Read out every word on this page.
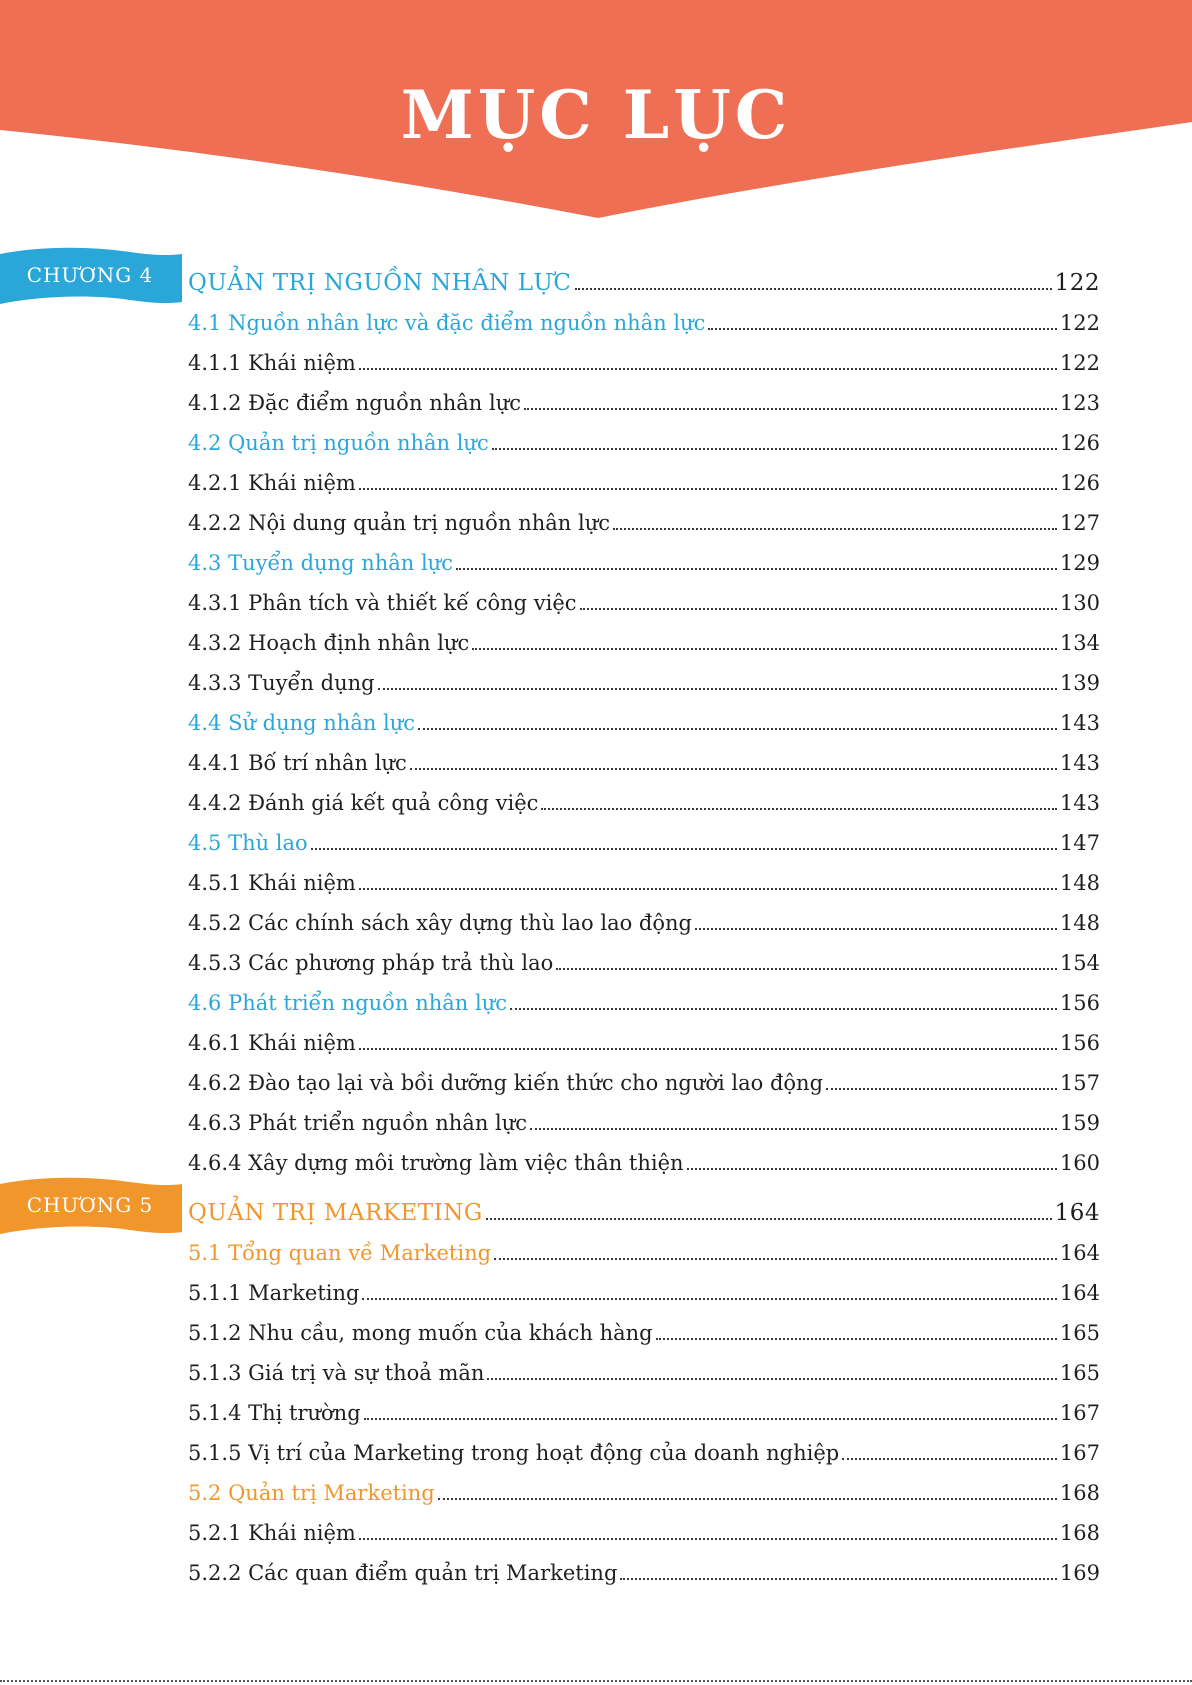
MỤC LỤC
CHƯƠNG 4
CHƯƠNG 5
QUẢN TRỊ NGUỒN NHÂN LỰC	122
4.1 Nguồn nhân lực và đặc điểm nguồn nhân lực	122
4.1.1 Khái niệm	122
4.1.2 Đặc điểm nguồn nhân lực	123
4.2 Quản trị nguồn nhân lực	126
4.2.1 Khái niệm	126
4.2.2 Nội dung quản trị nguồn nhân lực	127
4.3 Tuyển dụng nhân lực	129
4.3.1 Phân tích và thiết kế công việc	130
4.3.2 Hoạch định nhân lực	134
4.3.3 Tuyển dụng	139
4.4 Sử dụng nhân lực	143
4.4.1 Bố trí nhân lực	143
4.4.2 Đánh giá kết quả công việc	143
4.5 Thù lao	147
4.5.1 Khái niệm	148
4.5.2 Các chính sách xây dựng thù lao lao động	148
4.5.3 Các phương pháp trả thù lao	154
4.6 Phát triển nguồn nhân lực	156
4.6.1 Khái niệm	156
4.6.2 Đào tạo lại và bồi dưỡng kiến thức cho người lao động	157
4.6.3 Phát triển nguồn nhân lực	159
4.6.4 Xây dựng môi trường làm việc thân thiện	160
QUẢN TRỊ MARKETING	164
5.1 Tổng quan về Marketing	164
5.1.1 Marketing	164
5.1.2 Nhu cầu, mong muốn của khách hàng	165
5.1.3 Giá trị và sự thoả mãn	165
5.1.4 Thị trường	167
5.1.5 Vị trí của Marketing trong hoạt động của doanh nghiệp	167
5.2 Quản trị Marketing	168
5.2.1 Khái niệm	168
5.2.2 Các quan điểm quản trị Marketing	169
